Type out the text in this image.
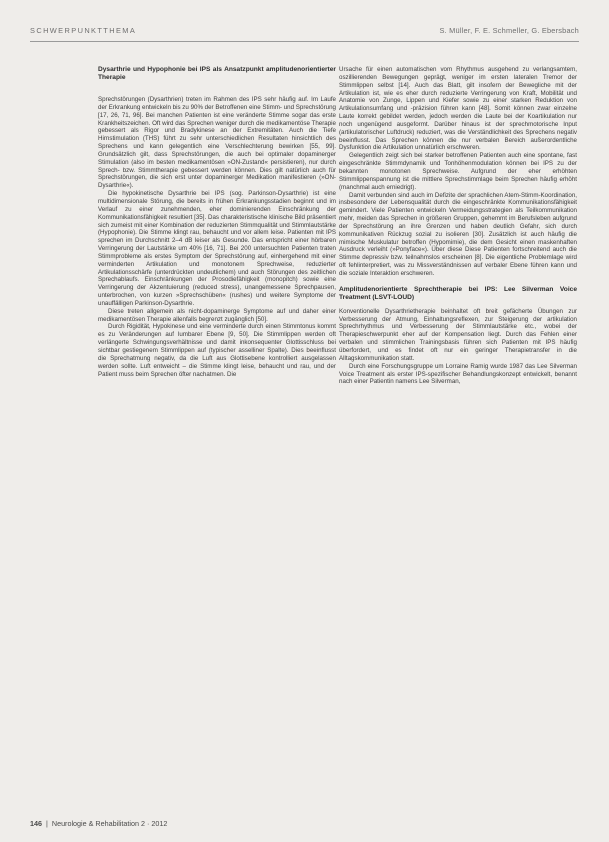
SCHWERPUNKTTHEMA	S. Müller, F. E. Schmeller, G. Ebersbach
Dysarthrie und Hypophonie bei IPS als Ansatzpunkt amplitudenorientierter Therapie

Sprechstörungen (Dysarthrien) treten im Rahmen des IPS sehr häufig auf. Im Laufe der Erkrankung entwickeln bis zu 90% der Betroffenen eine Stimm- und Sprechstörung [17, 26, 71, 96]. Bei manchen Patienten ist eine veränderte Stimme sogar das erste Krankheitszeichen. Oft wird das Sprechen weniger durch die medikamentöse Therapie gebessert als Rigor und Bradykinese an der Extremitäten. Auch die Tiefe Hirnstimulation (THS) führt zu sehr unterschiedlichen Resultaten hinsichtlich des Sprechens und kann gelegentlich eine Verschlechterung bewirken [55, 99]. Grundsätzlich gilt, dass Sprechstörungen, die auch bei optimaler dopaminerger Stimulation (also im besten medikamentösen »ON-Zustand« persistieren), nur durch Sprech- bzw. Stimmtherapie gebessert werden können. Dies gilt natürlich auch für Sprechstörungen, die sich erst unter dopaminerger Medikation manifestieren (»ON-Dysarthrie«).

Die hypokinetische Dysarthrie bei IPS (sog. Parkinson-Dysarthrie) ist eine multidimensionale Störung, die bereits in frühen Erkrankungsstadien beginnt und im Verlauf zu einer zunehmenden, eher dominierenden Einschränkung der Kommunikationsfähigkeit resultiert [35]. Das charakteristische klinische Bild präsentiert sich zumeist mit einer Kombination der reduzierten Stimmqualität und Stimmlautstärke (Hypophonie). Die Stimme klingt rau, behaucht und vor allem leise. Patienten mit IPS sprechen im Durchschnitt 2–4 dB leiser als Gesunde. Das entspricht einer hörbaren Verringerung der Lautstärke um 40% [16, 71]. Bei 200 untersuchten Patienten traten Stimmprobleme als erstes Symptom der Sprechstörung auf, einhergehend mit einer verminderten Artikulation und monotonem Sprechweise, reduzierter Artikulationsschärfe (unterdrückten undeutlichem) und auch Störungen des zeitlichen Sprechablaufs. Einschränkungen der Prosodiefähigkeit (monopitch) sowie eine Verringerung der Akzentuierung (reduced stress), unangemessene Sprechpausen, unterbrochen, von kurzen »Sprechschüben« (rushes) und weitere Symptome der unauffälligen Parkinson-Dysarthrie.

Diese treten allgemein als nicht-dopaminerge Symptome auf und daher einer medikamentösen Therapie allenfalls begrenzt zugänglich [50].

Durch Rigidität, Hypokinese und eine verminderte durch einen Stimmtonus kommt es zu Veränderungen auf lumbarer Ebene [9, 50]. Die Stimmlippen werden oft verlängerte Schwingungsverhältnisse und damit inkonsequenter Glottisschluss bei sichtbar gestiegenem Stimmlippen auf (typischer asselliner Spalte). Dies beeinflusst die Sprechatmung negativ, da die Luft aus Glottisebene kontrolliert ausgelassen werden sollte. Luft entweicht – die Stimme klingt leise, behaucht und rau, und der Patient muss beim Sprechen öfter nachatmen. Die

Ursache für einen automatischen vom Rhythmus ausgehend zu verlangsamtem, oszillierenden Bewegungen geprägt, weniger im ersten lateralen Tremor der Stimmlippen selbst [14]. Auch das Blatt, gilt insofern der Bewegliche mit der Artikulation ist, wie es eher durch reduzierte Verringerung von Kraft, Mobilität und Anatomie von Zunge, Lippen und Kiefer sowie zu einer starken Reduktion von Artikulationsumfang und -präzision führen kann [48]. Somit können zwar einzelne Laute korrekt gebildet werden, jedoch werden die Laute bei der Koartikulation nur noch ungenügend ausgeformt. Darüber hinaus ist der sprechmotorische Input (artikulatorischer Luftdruck) reduziert, was die Verständlichkeit des Sprechens negativ beeinflusst. Das Sprechen können die nur verbalen Bereich außerordentliche Dysfunktion die Artikulation unnatürlich erschweren.

Gelegentlich zeigt sich bei starker betroffenen Patienten auch eine spontane, fast eingeschränkte Stimmdynamik und Tonhöhenmodulation können bei IPS zu der bekannten monotonen Sprechweise. Aufgrund der eher erhöhten Stimmlippenspannung ist die mittlere Sprechstimmlage beim Sprechen häufig erhöht (manchmal auch erniedrigt).

Damit verbunden sind auch im Defizite der sprachlichen Atem-Stimm-Koordination, insbesondere der Lebensqualität durch die eingeschränkte Kommunikationsfähigkeit gemindert. Viele Patienten entwickeln Vermeidungsstrategien als Teilkommunikation mehr, meiden das Sprechen in größeren Gruppen, gehemmt im Berufsleben aufgrund der Sprechstörung an ihre Grenzen und haben deutlich Gefahr, sich durch kommunikativen Rückzug sozial zu isolieren [30]. Zusätzlich ist auch häufig die mimische Muskulatur betroffen (Hypomimie), die dem Gesicht einen maskenhaften Ausdruck verleiht (»Ponyface«). Über diese Diese Patienten fortschreitend auch die Stimme depressiv bzw. teilnahmslos erscheinen [8]. Die eigentliche Problemlage wird oft fehlinterpretiert, was zu Missverständnissen auf verbaler Ebene führen kann und die soziale Interaktion erschweren.

Amplitudenorientierte Sprechtherapie bei IPS: Lee Silverman Voice Treatment (LSVT-LOUD)

Konventionelle Dysarthrietherapie beinhaltet oft breit gefächerte Übungen zur Verbesserung der Atmung, Einhaltungsreflexen, zur Steigerung der artikulation Sprechrhythmus und Verbesserung der Stimmlautstärke etc., wobei der Therapieschwerpunkt eher auf der Kompensation liegt. Durch das Fehlen einer verbalen und stimmlichen Trainingsbasis führen sich Patienten mit IPS häufig überfordert, und es findet oft nur ein geringer Therapietransfer in die Alltagskommunikation statt.

Durch eine Forschungsgruppe um Lorraine Ramig wurde 1987 das Lee Silverman Voice Treatment als erster IPS-spezifischer Behandlungskonzept entwickelt, benannt nach einer Patientin namens Lee Silverman,

146 | Neurologie & Rehabilitation 2 · 2012
